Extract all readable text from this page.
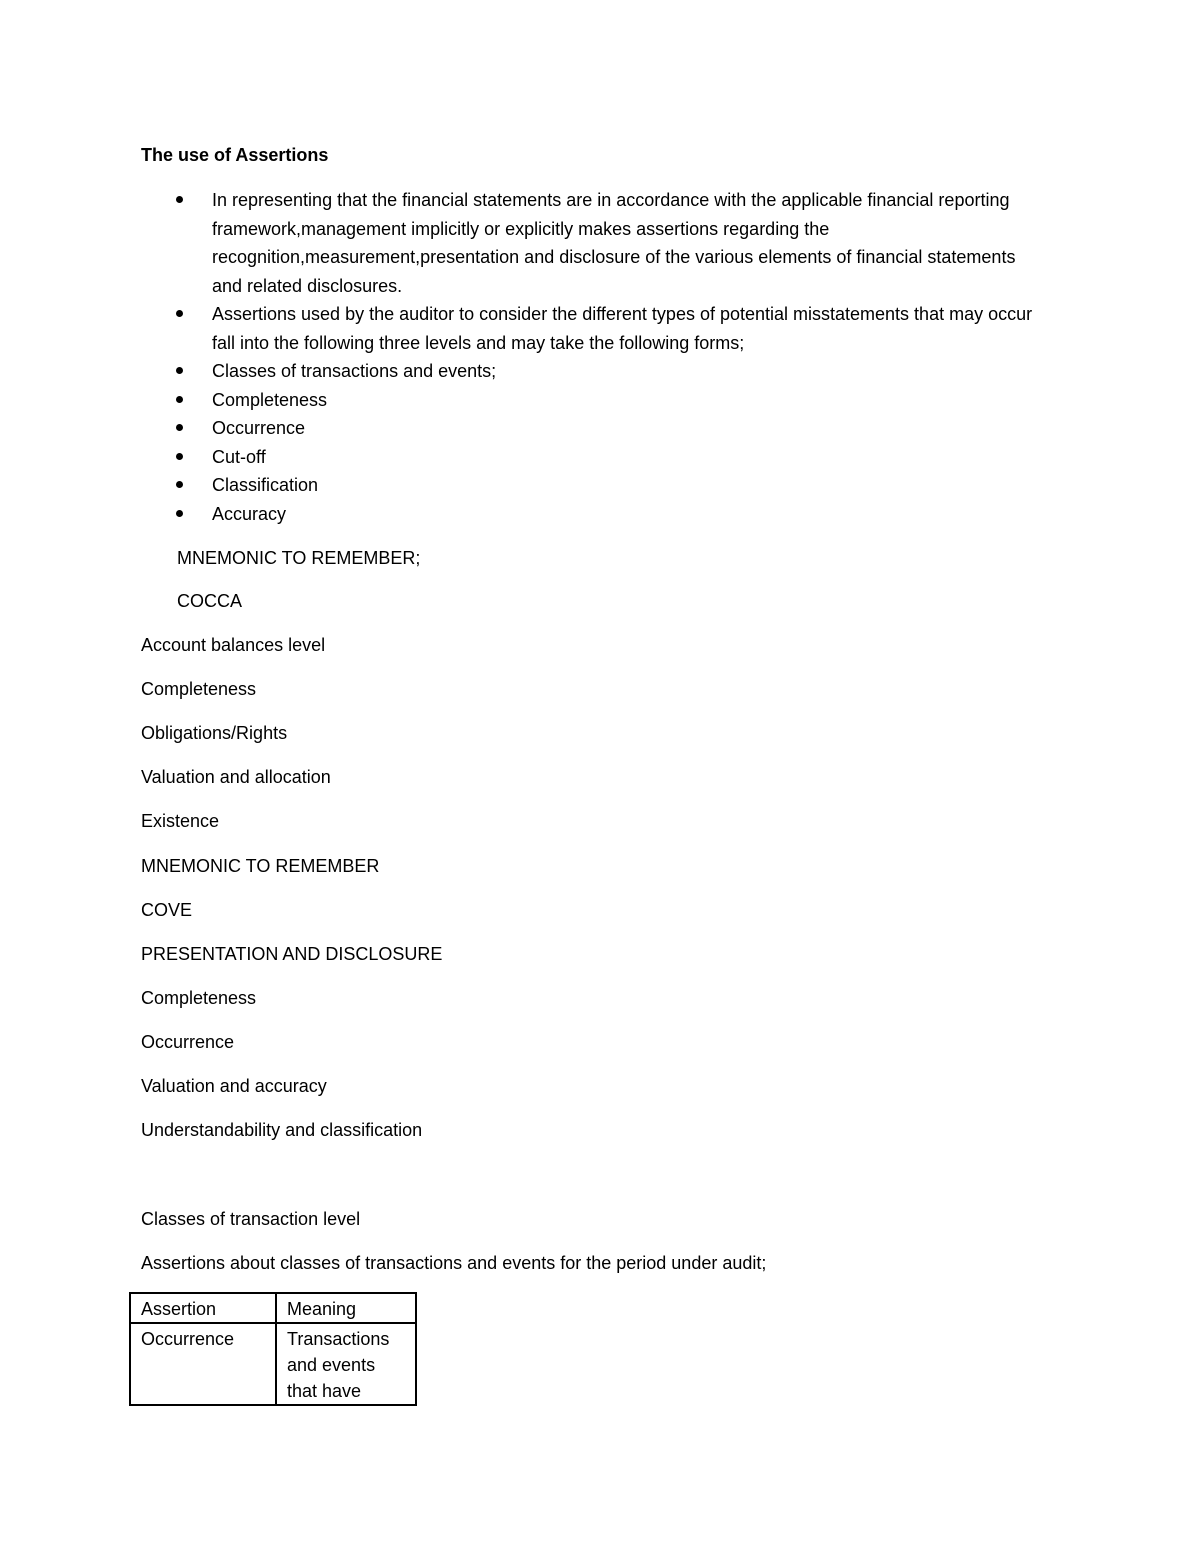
The use of Assertions

In representing that the financial statements are in accordance with the applicable financial reporting framework,management implicitly or explicitly makes assertions regarding the recognition,measurement,presentation and disclosure of the various elements of financial statements and related disclosures.
Assertions used by the auditor to consider the different types of potential misstatements that may occur fall into the following three levels and may take the following forms;
Classes of transactions and events;
Completeness
Occurrence
Cut-off
Classification
Accuracy

MNEMONIC TO REMEMBER;

COCCA

Account balances level

Completeness

Obligations/Rights

Valuation and allocation

Existence

MNEMONIC TO REMEMBER

COVE

PRESENTATION AND DISCLOSURE

Completeness

Occurrence

Valuation and accuracy

Understandability and classification

Classes of transaction level

Assertions about classes of transactions and events for the period under audit;

Assertion	Meaning
Occurrence	Transactions and events that have
